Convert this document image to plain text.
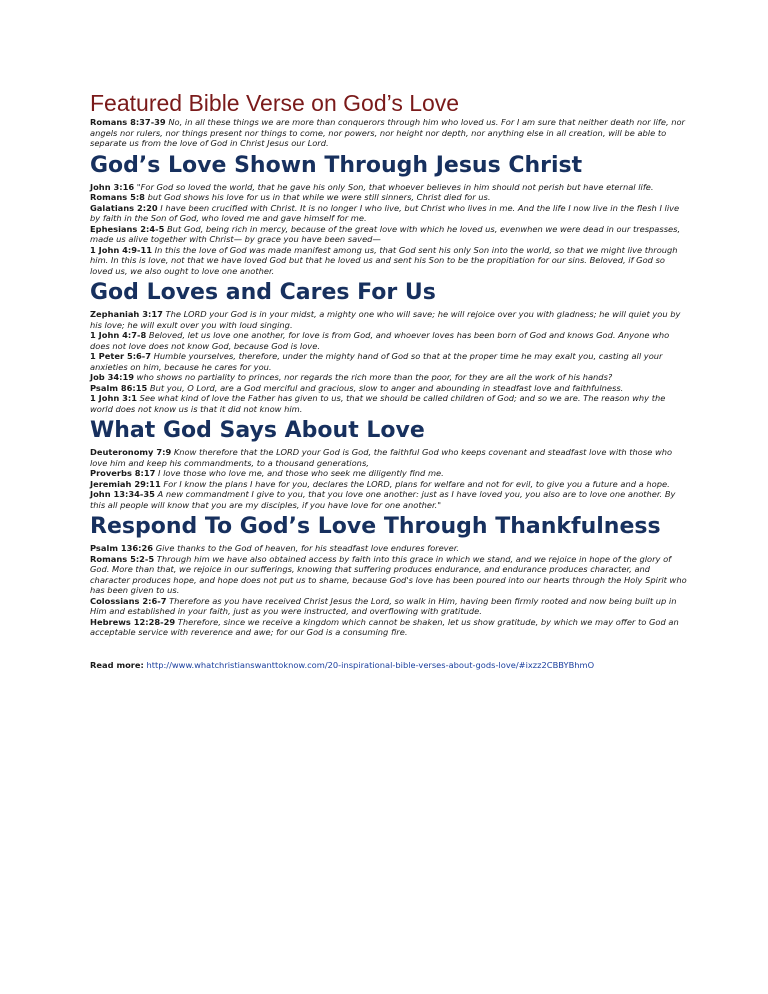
Featured Bible Verse on God’s Love

Romans 8:37-39 No, in all these things we are more than conquerors through him who loved us. For I am sure that neither death nor life, nor angels nor rulers, nor things present nor things to come, nor powers, nor height nor depth, nor anything else in all creation, will be able to separate us from the love of God in Christ Jesus our Lord.

God’s Love Shown Through Jesus Christ

John 3:16 "For God so loved the world, that he gave his only Son, that whoever believes in him should not perish but have eternal life.

Romans 5:8 but God shows his love for us in that while we were still sinners, Christ died for us.

Galatians 2:20 I have been crucified with Christ. It is no longer I who live, but Christ who lives in me. And the life I now live in the flesh I live by faith in the Son of God, who loved me and gave himself for me.

Ephesians 2:4-5 But God, being rich in mercy, because of the great love with which he loved us, evenwhen we were dead in our trespasses, made us alive together with Christ— by grace you have been saved—

1 John 4:9-11 In this the love of God was made manifest among us, that God sent his only Son into the world, so that we might live through him. In this is love, not that we have loved God but that he loved us and sent his Son to be the propitiation for our sins. Beloved, if God so loved us, we also ought to love one another.

God Loves and Cares For Us

Zephaniah 3:17 The LORD your God is in your midst, a mighty one who will save; he will rejoice over you with gladness; he will quiet you by his love; he will exult over you with loud singing.

1 John 4:7-8 Beloved, let us love one another, for love is from God, and whoever loves has been born of God and knows God. Anyone who does not love does not know God, because God is love.

1 Peter 5:6-7 Humble yourselves, therefore, under the mighty hand of God so that at the proper time he may exalt you, casting all your anxieties on him, because he cares for you.

Job 34:19 who shows no partiality to princes, nor regards the rich more than the poor, for they are all the work of his hands?

Psalm 86:15 But you, O Lord, are a God merciful and gracious, slow to anger and abounding in steadfast love and faithfulness.

1 John 3:1 See what kind of love the Father has given to us, that we should be called children of God; and so we are. The reason why the world does not know us is that it did not know him.

What God Says About Love

Deuteronomy 7:9 Know therefore that the LORD your God is God, the faithful God who keeps covenant and steadfast love with those who love him and keep his commandments, to a thousand generations,

Proverbs 8:17 I love those who love me, and those who seek me diligently find me.

Jeremiah 29:11 For I know the plans I have for you, declares the LORD, plans for welfare and not for evil, to give you a future and a hope.

John 13:34-35 A new commandment I give to you, that you love one another: just as I have loved you, you also are to love one another. By this all people will know that you are my disciples, if you have love for one another."

Respond To God’s Love Through Thankfulness

Psalm 136:26 Give thanks to the God of heaven, for his steadfast love endures forever.

Romans 5:2-5 Through him we have also obtained access by faith into this grace in which we stand, and we rejoice in hope of the glory of God. More than that, we rejoice in our sufferings, knowing that suffering produces endurance, and endurance produces character, and character produces hope, and hope does not put us to shame, because God's love has been poured into our hearts through the Holy Spirit who has been given to us.

Colossians 2:6-7 Therefore as you have received Christ Jesus the Lord, so walk in Him, having been firmly rooted and now being built up in Him and established in your faith, just as you were instructed, and overflowing with gratitude.

Hebrews 12:28-29 Therefore, since we receive a kingdom which cannot be shaken, let us show gratitude, by which we may offer to God an acceptable service with reverence and awe; for our God is a consuming fire.

Read more: http://www.whatchristianswanttoknow.com/20-inspirational-bible-verses-about-gods-love/#ixzz2CBBYBhmO
